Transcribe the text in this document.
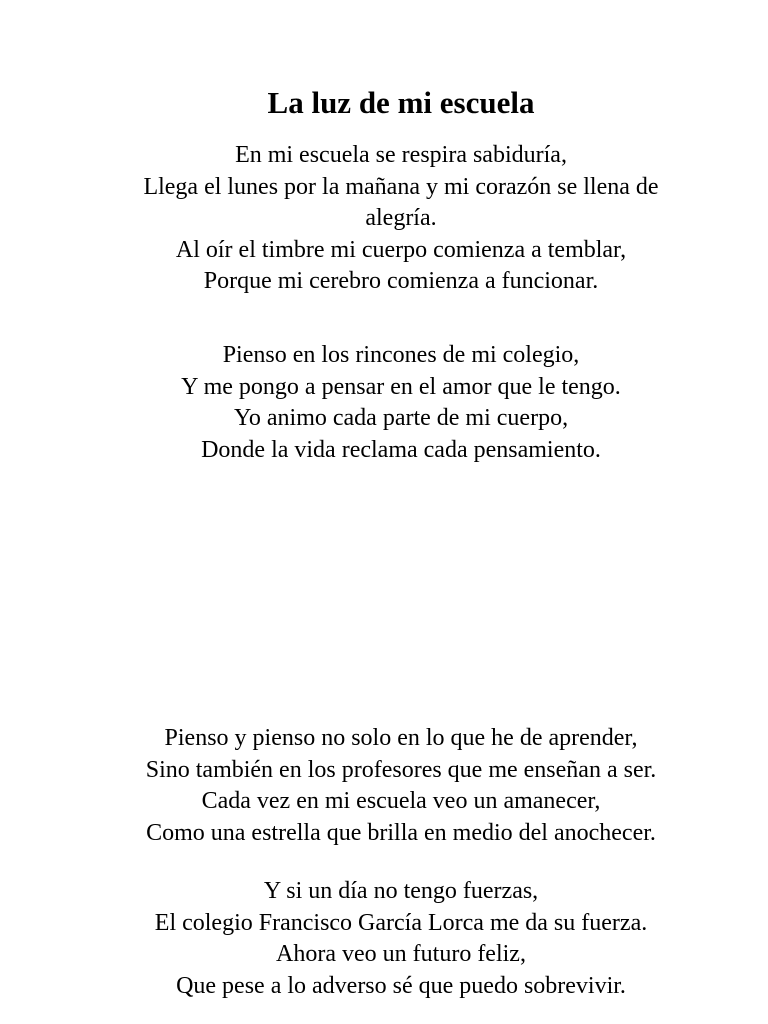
La luz de mi escuela
En mi escuela se respira sabiduría,
Llega el lunes por la mañana y mi corazón se llena de
alegría.
Al oír el timbre mi cuerpo comienza a temblar,
Porque mi cerebro comienza a funcionar.
Pienso en los rincones de mi colegio,
Y me pongo a pensar en el amor que le tengo.
Yo animo cada parte de mi cuerpo,
Donde la vida reclama cada pensamiento.
Pienso y pienso no solo en lo que he de aprender,
Sino también en los profesores que me enseñan a ser.
Cada vez en mi escuela veo un amanecer,
Como una estrella que brilla en medio del anochecer.
Y si un día no tengo fuerzas,
El colegio Francisco García Lorca me da su fuerza.
Ahora veo un futuro feliz,
Que pese a lo adverso sé que puedo sobrevivir.
